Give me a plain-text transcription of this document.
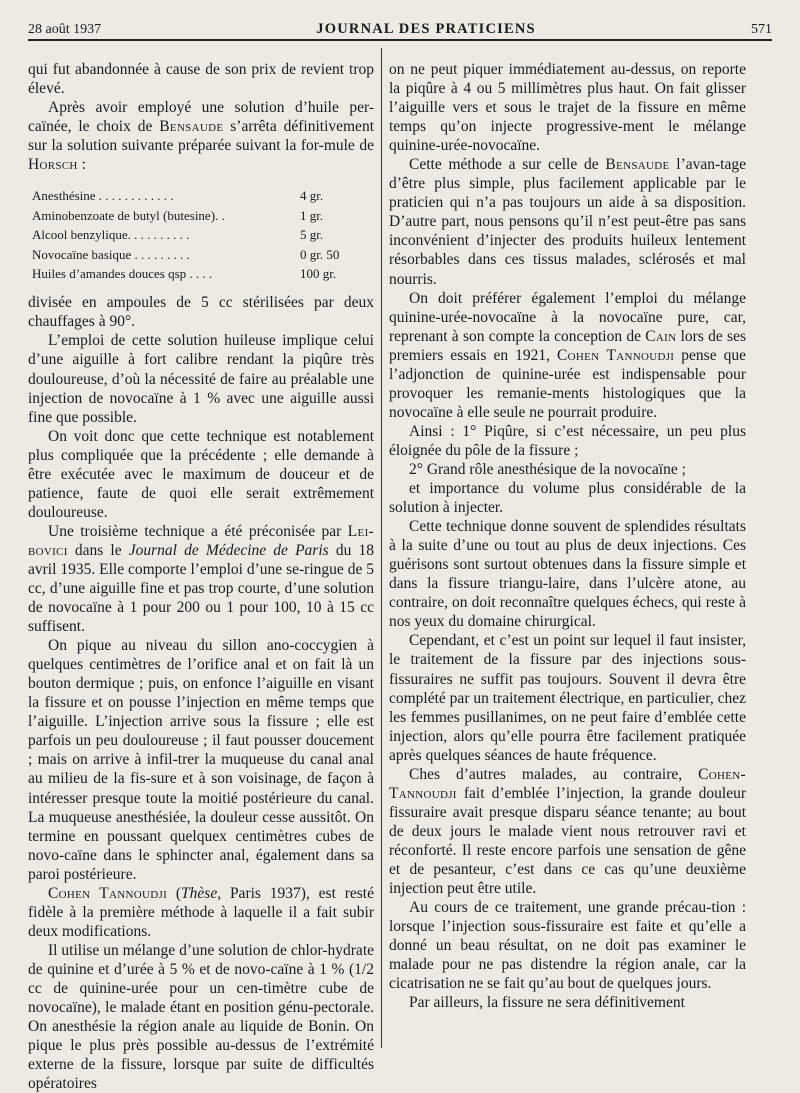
28 août 1937	JOURNAL DES PRATICIENS	571

qui fut abandonnée à cause de son prix de revient trop élevé.

Après avoir employé une solution d’huile per-caïnée, le choix de Bensaude s’arrêta définitivement sur la solution suivante préparée suivant la for-mule de Horsch :

Anesthésine . . . . . . . . . . . .	4 gr.
Aminobenzoate de butyl (butesine). .	1 gr.
Alcool benzylique. . . . . . . . . .	5 gr.
Novocaïne basique . . . . . . . . .	0 gr. 50
Huiles d’amandes douces qsp . . . .	100 gr.

divisée en ampoules de 5 cc stérilisées par deux chauffages à 90°.

L’emploi de cette solution huileuse implique celui d’une aiguille à fort calibre rendant la piqûre très douloureuse, d’où la nécessité de faire au préalable une injection de novocaïne à 1 % avec une aiguille aussi fine que possible.

On voit donc que cette technique est notablement plus compliquée que la précédente ; elle demande à être exécutée avec le maximum de douceur et de patience, faute de quoi elle serait extrêmement douloureuse.

Une troisième technique a été préconisée par Lei-bovici dans le Journal de Médecine de Paris du 18 avril 1935. Elle comporte l’emploi d’une se-ringue de 5 cc, d’une aiguille fine et pas trop courte, d’une solution de novocaïne à 1 pour 200 ou 1 pour 100, 10 à 15 cc suffisent.

On pique au niveau du sillon ano-coccygien à quelques centimètres de l’orifice anal et on fait là un bouton dermique ; puis, on enfonce l’aiguille en visant la fissure et on pousse l’injection en même temps que l’aiguille. L’injection arrive sous la fissure ; elle est parfois un peu douloureuse ; il faut pousser doucement ; mais on arrive à infil-trer la muqueuse du canal anal au milieu de la fis-sure et à son voisinage, de façon à intéresser presque toute la moitié postérieure du canal. La muqueuse anesthésiée, la douleur cesse aussitôt. On termine en poussant quelquex centimètres cubes de novo-caïne dans le sphincter anal, également dans sa paroi postérieure.

Cohen Tannoudji (Thèse, Paris 1937), est resté fidèle à la première méthode à laquelle il a fait subir deux modifications.

Il utilise un mélange d’une solution de chlor-hydrate de quinine et d’urée à 5 % et de novo-caïne à 1 % (1/2 cc de quinine-urée pour un cen-timètre cube de novocaïne), le malade étant en position génu-pectorale. On anesthésie la région anale au liquide de Bonin. On pique le plus près possible au-dessus de l’extrémité externe de la fissure, lorsque par suite de difficultés opératoires

on ne peut piquer immédiatement au-dessus, on reporte la piqûre à 4 ou 5 millimètres plus haut. On fait glisser l’aiguille vers et sous le trajet de la fissure en même temps qu’on injecte progressive-ment le mélange quinine-urée-novocaïne.

Cette méthode a sur celle de Bensaude l’avan-tage d’être plus simple, plus facilement applicable par le praticien qui n’a pas toujours un aide à sa disposition. D’autre part, nous pensons qu’il n’est peut-être pas sans inconvénient d’injecter des produits huileux lentement résorbables dans ces tissus malades, sclérosés et mal nourris.

On doit préférer également l’emploi du mélange quinine-urée-novocaïne à la novocaïne pure, car, reprenant à son compte la conception de Cain lors de ses premiers essais en 1921, Cohen Tannoudji pense que l’adjonction de quinine-urée est indispensable pour provoquer les remanie-ments histologiques que la novocaïne à elle seule ne pourrait produire.

Ainsi : 1° Piqûre, si c’est nécessaire, un peu plus éloignée du pôle de la fissure ;

2° Grand rôle anesthésique de la novocaïne ;

et importance du volume plus considérable de la solution à injecter.

Cette technique donne souvent de splendides résultats à la suite d’une ou tout au plus de deux injections. Ces guérisons sont surtout obtenues dans la fissure simple et dans la fissure triangu-laire, dans l’ulcère atone, au contraire, on doit reconnaître quelques échecs, qui reste à nos yeux du domaine chirurgical.

Cependant, et c’est un point sur lequel il faut insister, le traitement de la fissure par des injections sous-fissuraires ne suffit pas toujours. Souvent il devra être complété par un traitement électrique, en particulier, chez les femmes pusillanimes, on ne peut faire d’emblée cette injection, alors qu’elle pourra être facilement pratiquée après quelques séances de haute fréquence.

Ches d’autres malades, au contraire, Cohen-Tannoudji fait d’emblée l’injection, la grande douleur fissuraire avait presque disparu séance tenante; au bout de deux jours le malade vient nous retrouver ravi et réconforté. Il reste encore parfois une sensation de gêne et de pesanteur, c’est dans ce cas qu’une deuxième injection peut être utile.

Au cours de ce traitement, une grande précau-tion : lorsque l’injection sous-fissuraire est faite et qu’elle a donné un beau résultat, on ne doit pas examiner le malade pour ne pas distendre la région anale, car la cicatrisation ne se fait qu’au bout de quelques jours.

Par ailleurs, la fissure ne sera définitivement
